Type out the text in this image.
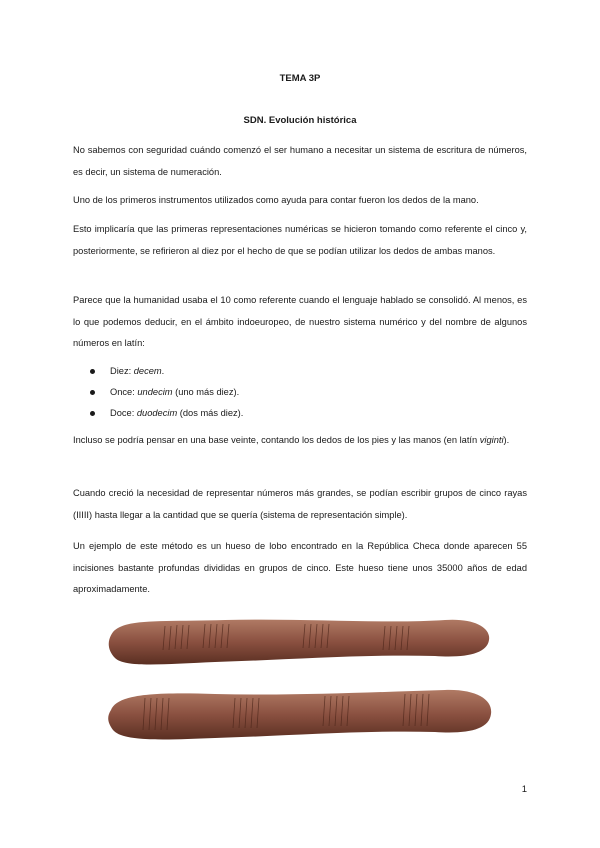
TEMA 3P
SDN. Evolución histórica

No sabemos con seguridad cuándo comenzó el ser humano a necesitar un sistema de escritura de números, es decir, un sistema de numeración.

Uno de los primeros instrumentos utilizados como ayuda para contar fueron los dedos de la mano.

Esto implicaría que las primeras representaciones numéricas se hicieron tomando como referente el cinco y, posteriormente, se refirieron al diez por el hecho de que se podían utilizar los dedos de ambas manos.

Parece que la humanidad usaba el 10 como referente cuando el lenguaje hablado se consolidó. Al menos, es lo que podemos deducir, en el ámbito indoeuropeo, de nuestro sistema numérico y del nombre de algunos números en latín:

Diez: decem.
Once: undecim (uno más diez).
Doce: duodecim (dos más diez).

Incluso se podría pensar en una base veinte, contando los dedos de los pies y las manos (en latín viginti).

Cuando creció la necesidad de representar números más grandes, se podían escribir grupos de cinco rayas (IIIII) hasta llegar a la cantidad que se quería (sistema de representación simple).

Un ejemplo de este método es un hueso de lobo encontrado en la República Checa donde aparecen 55 incisiones bastante profundas divididas en grupos de cinco. Este hueso tiene unos 35000 años de edad aproximadamente.

1
